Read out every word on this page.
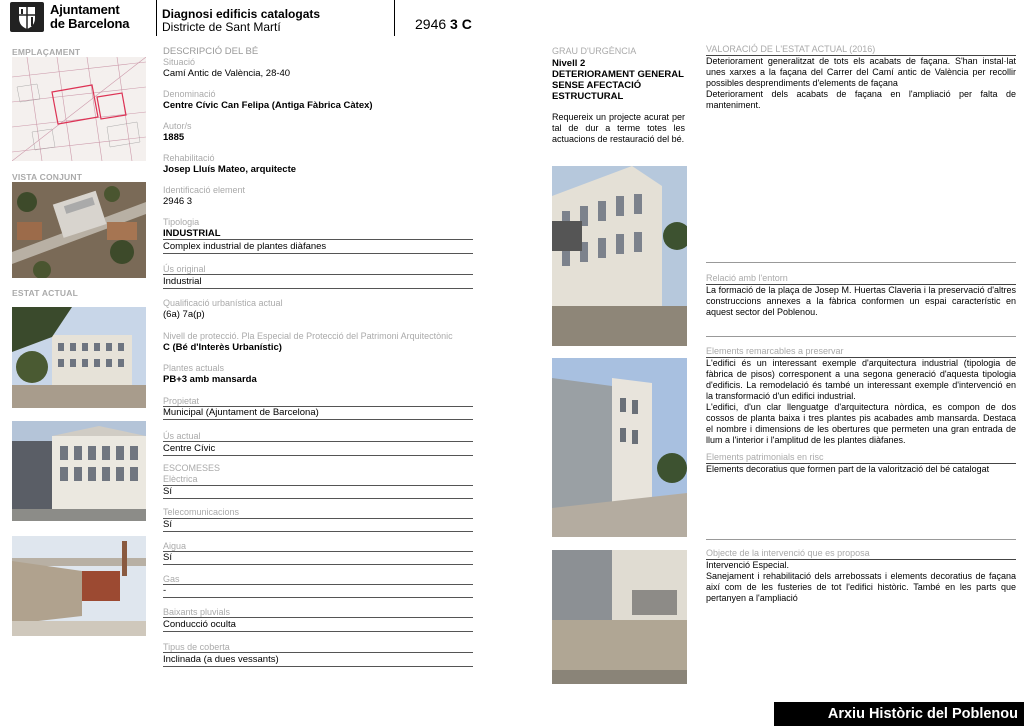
Ajuntament
de Barcelona
Diagnosi edificis catalogats
Districte de Sant Martí	2946 3 C
EMPLAÇAMENT
VISTA CONJUNT
ESTAT ACTUAL
DESCRIPCIÓ DEL BÉ
Situació
Camí Antic de València, 28-40
Denominació
Centre Cívic Can Felipa (Antiga Fàbrica Càtex)
Autor/s
1885
Rehabilitació
Josep Lluís Mateo, arquitecte
Identificació element
2946 3
Tipologia
INDUSTRIAL
Complex industrial de plantes diàfanes
Ús original
Industrial
Qualificació urbanística actual
(6a) 7a(p)
Nivell de protecció. Pla Especial de Protecció del Patrimoni Arquitectònic
C (Bé d'Interès Urbanístic)
Plantes actuals
PB+3 amb mansarda
Propietat
Municipal (Ajuntament de Barcelona)
Ús actual
Centre Cívic
ESCOMESES
Elèctrica
Sí
Telecomunicacions
Sí
Aigua
Sí
Gas
-
Baixants pluvials
Conducció oculta
Tipus de coberta
Inclinada (a dues vessants)
GRAU D'URGÈNCIA
Nivell 2
DETERIORAMENT GENERAL SENSE AFECTACIÓ ESTRUCTURAL
Requereix un projecte acurat per tal de dur a terme totes les actuacions de restauració del bé.
VALORACIÓ DE L'ESTAT ACTUAL (2016)
Deteriorament generalitzat de tots els acabats de façana. S'han instal·lat unes xarxes a la façana del Carrer del Camí antic de València per recollir possibles desprendiments d'elements de façana
Deteriorament dels acabats de façana en l'ampliació per falta de manteniment.
Relació amb l'entorn
La formació de la plaça de Josep M. Huertas Claveria i la preservació d'altres construccions annexes a la fàbrica conformen un espai característic en aquest sector del Poblenou.
Elements remarcables a preservar
L'edifici és un interessant exemple d'arquitectura industrial (tipologia de fàbrica de pisos) corresponent a una segona generació d'aquesta tipologia d'edificis. La remodelació és també un interessant exemple d'intervenció en la transformació d'un edifici industrial.
L'edifici, d'un clar llenguatge d'arquitectura nòrdica, es compon de dos cossos de planta baixa i tres plantes pis acabades amb mansarda. Destaca el nombre i dimensions de les obertures que permeten una gran entrada de llum a l'interior i l'amplitud de les plantes diàfanes.
Elements patrimonials en risc
Elements decoratius que formen part de la valorització del bé catalogat
Objecte de la intervenció que es proposa
Intervenció Especial.
Sanejament i rehabilitació dels arrebossats i elements decoratius de façana així com de les fusteries de tot l'edifici històric. També en les parts que pertanyen a l'ampliació
Arxiu Històric del Poblenou
